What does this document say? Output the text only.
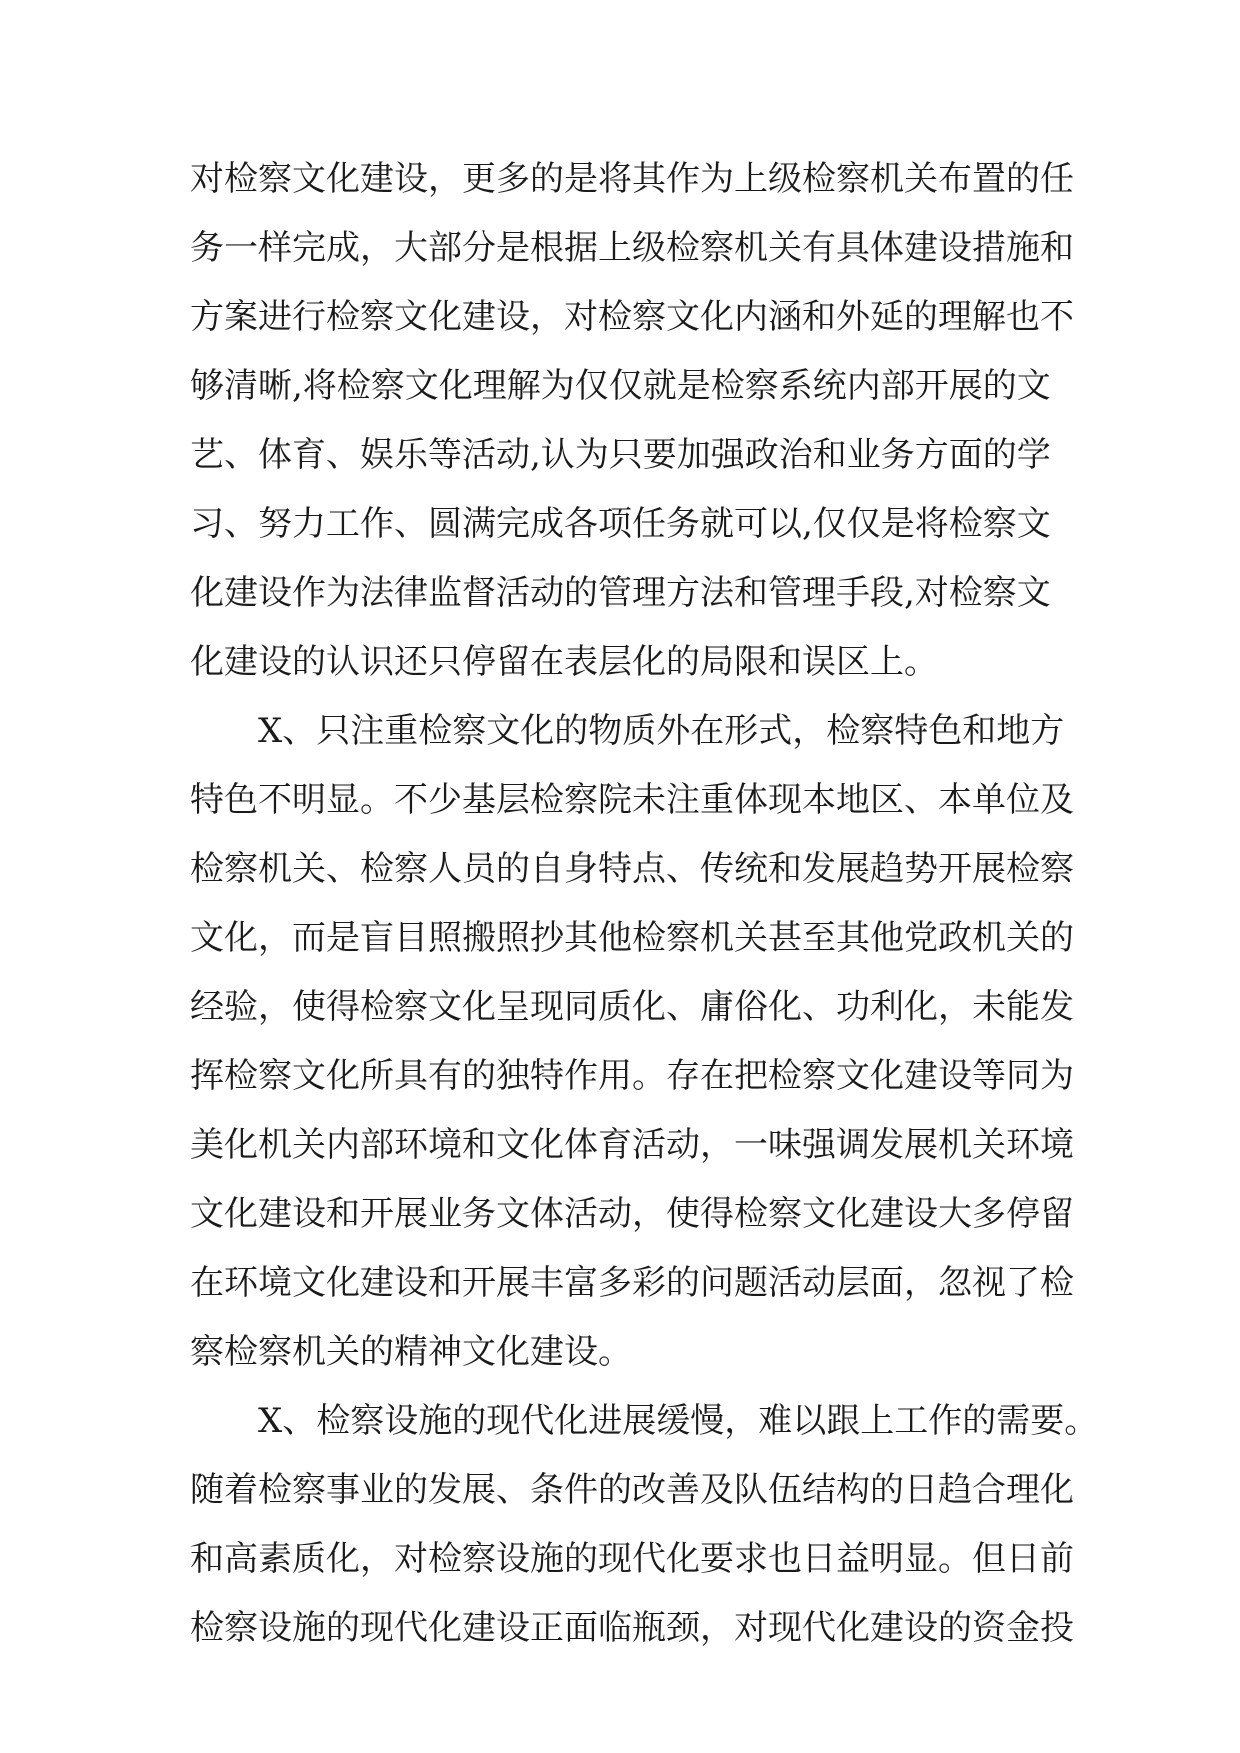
对检察文化建设，更多的是将其作为上级检察机关布置的任
务一样完成，大部分是根据上级检察机关有具体建设措施和
方案进行检察文化建设，对检察文化内涵和外延的理解也不
够清晰,将检察文化理解为仅仅就是检察系统内部开展的文
艺、体育、娱乐等活动,认为只要加强政治和业务方面的学
习、努力工作、圆满完成各项任务就可以,仅仅是将检察文
化建设作为法律监督活动的管理方法和管理手段,对检察文
化建设的认识还只停留在表层化的局限和误区上。
X、只注重检察文化的物质外在形式，检察特色和地方
特色不明显。不少基层检察院未注重体现本地区、本单位及
检察机关、检察人员的自身特点、传统和发展趋势开展检察
文化，而是盲目照搬照抄其他检察机关甚至其他党政机关的
经验，使得检察文化呈现同质化、庸俗化、功利化，未能发
挥检察文化所具有的独特作用。存在把检察文化建设等同为
美化机关内部环境和文化体育活动，一味强调发展机关环境
文化建设和开展业务文体活动，使得检察文化建设大多停留
在环境文化建设和开展丰富多彩的问题活动层面，忽视了检
察检察机关的精神文化建设。
X、检察设施的现代化进展缓慢，难以跟上工作的需要。
随着检察事业的发展、条件的改善及队伍结构的日趋合理化
和高素质化，对检察设施的现代化要求也日益明显。但日前
检察设施的现代化建设正面临瓶颈，对现代化建设的资金投
